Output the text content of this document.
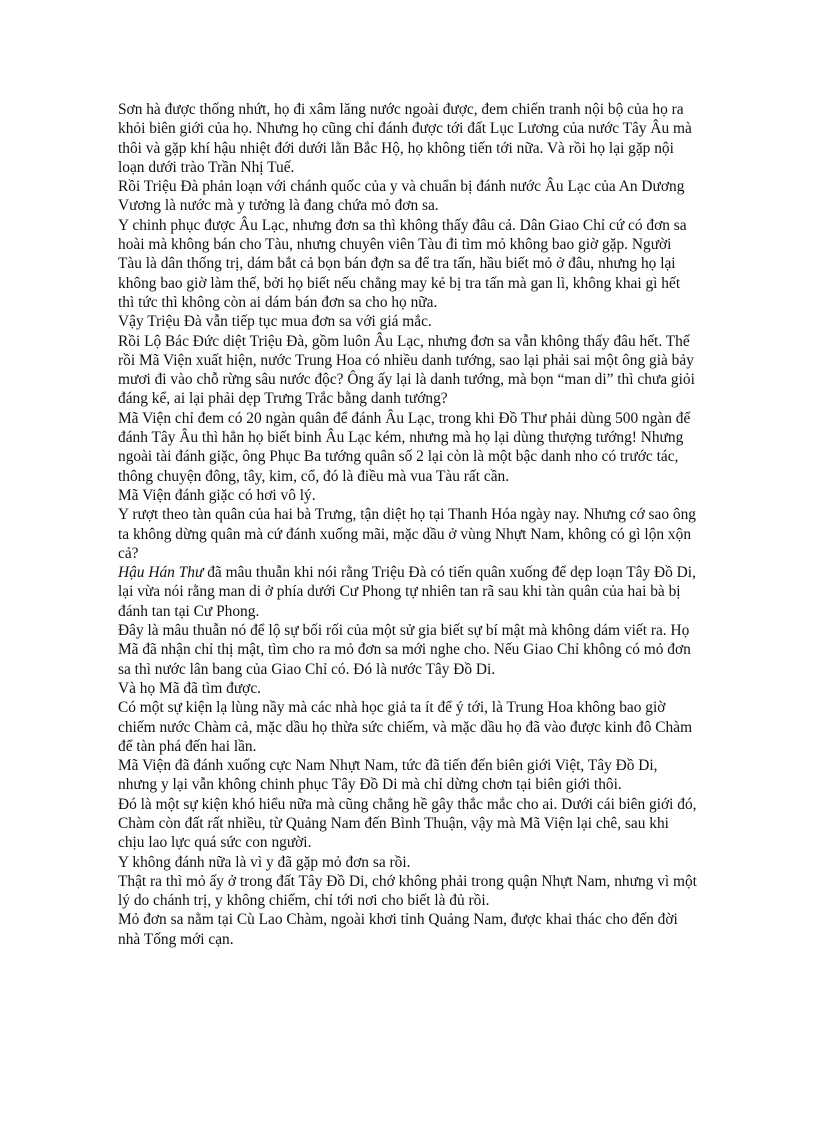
Sơn hà được thống nhứt, họ đi xâm lăng nước ngoài được, đem chiến tranh nội bộ của họ ra khỏi biên giới của họ. Nhưng họ cũng chỉ đánh được tới đất Lục Lương của nước Tây Âu mà thôi và gặp khí hậu nhiệt đới dưới lằn Bắc Hộ, họ không tiến tới nữa. Và rồi họ lại gặp nội loạn dưới trào Trần Nhị Tuế.

Rồi Triệu Đà phản loạn với chánh quốc của y và chuẩn bị đánh nước Âu Lạc của An Dương Vương là nước mà y tưởng là đang chứa mỏ đơn sa.

Y chinh phục được Âu Lạc, nhưng đơn sa thì không thấy đâu cả. Dân Giao Chỉ cứ có đơn sa hoài mà không bán cho Tàu, nhưng chuyên viên Tàu đi tìm mỏ không bao giờ gặp. Người Tàu là dân thống trị, dám bắt cả bọn bán đợn sa để tra tấn, hầu biết mỏ ở đâu, nhưng họ lại không bao giờ làm thế, bởi họ biết nếu chẳng may kẻ bị tra tấn mà gan lì, không khai gì hết thì tức thì không còn ai dám bán đơn sa cho họ nữa.

Vậy Triệu Đà vẫn tiếp tục mua đơn sa với giá mắc.

Rồi Lộ Bác Đức diệt Triệu Đà, gồm luôn Âu Lạc, nhưng đơn sa vẫn không thấy đâu hết. Thế rồi Mã Viện xuất hiện, nước Trung Hoa có nhiều danh tướng, sao lại phải sai một ông già bảy mươi đi vào chỗ rừng sâu nước độc? Ông ấy lại là danh tướng, mà bọn “man di” thì chưa giỏi đáng kể, ai lại phải dẹp Trưng Trắc bằng danh tướng?

Mã Viện chỉ đem có 20 ngàn quân để đánh Âu Lạc, trong khi Đồ Thư phải dùng 500 ngàn để đánh Tây Âu thì hẳn họ biết binh Âu Lạc kém, nhưng mà họ lại dùng thượng tướng! Nhưng ngoài tài đánh giặc, ông Phục Ba tướng quân số 2 lại còn là một bậc danh nho có trước tác, thông chuyện đông, tây, kim, cổ, đó là điều mà vua Tàu rất cần.

Mã Viện đánh giặc có hơi vô lý.

Y rượt theo tàn quân của hai bà Trưng, tận diệt họ tại Thanh Hóa ngày nay. Nhưng cớ sao ông ta không dừng quân mà cứ đánh xuống mãi, mặc dầu ở vùng Nhựt Nam, không có gì lộn xộn cả?

Hậu Hán Thư đã mâu thuẫn khi nói rằng Triệu Đà có tiến quân xuống để dẹp loạn Tây Đồ Di, lại vừa nói rằng man di ở phía dưới Cư Phong tự nhiên tan rã sau khi tàn quân của hai bà bị đánh tan tại Cư Phong.

Đây là mâu thuẫn nó để lộ sự bối rối của một sử gia biết sự bí mật mà không dám viết ra. Họ Mã đã nhận chỉ thị mật, tìm cho ra mỏ đơn sa mới nghe cho. Nếu Giao Chỉ không có mỏ đơn sa thì nước lân bang của Giao Chỉ có. Đó là nước Tây Đồ Di.

Và họ Mã đã tìm được.

Có một sự kiện lạ lùng nầy mà các nhà học giả ta ít để ý tới, là Trung Hoa không bao giờ chiếm nước Chàm cả, mặc dầu họ thừa sức chiếm, và mặc dầu họ đã vào được kinh đô Chàm để tàn phá đến hai lần.

Mã Viện đã đánh xuống cực Nam Nhựt Nam, tức đã tiến đến biên giới Việt, Tây Đồ Di, nhưng y lại vẫn không chinh phục Tây Đồ Di mà chỉ dừng chơn tại biên giới thôi.

Đó là một sự kiện khó hiểu nữa mà cũng chẳng hề gây thắc mắc cho ai. Dưới cái biên giới đó, Chàm còn đất rất nhiều, từ Quảng Nam đến Bình Thuận, vậy mà Mã Viện lại chê, sau khi chịu lao lực quá sức con người.

Y không đánh nữa là vì y đã gặp mỏ đơn sa rồi.

Thật ra thì mỏ ấy ở trong đất Tây Đồ Di, chớ không phải trong quận Nhựt Nam, nhưng vì một lý do chánh trị, y không chiếm, chỉ tới nơi cho biết là đủ rồi.

Mỏ đơn sa nằm tại Cù Lao Chàm, ngoài khơi tỉnh Quảng Nam, được khai thác cho đến đời nhà Tống mới cạn.
